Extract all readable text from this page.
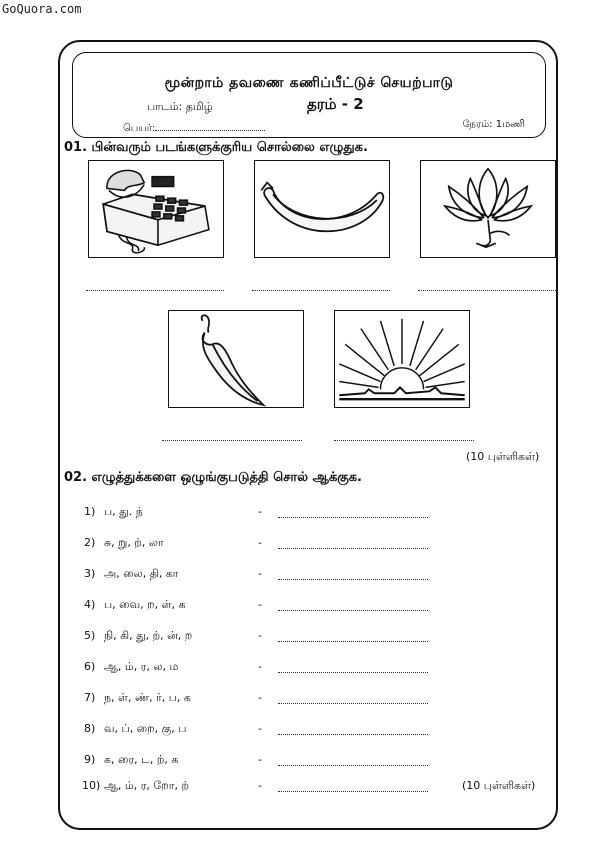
GoQuora.com
மூன்றாம் தவணை கணிப்பீட்டுச் செயற்பாடு
பாடம்: தமிழ்	தரம் - 2
பெயர்:	நேரம்: 1மணி
01. பின்வரும் படங்களுக்குரிய சொல்லை எழுதுக.
(10 புள்ளிகள்)
02. எழுத்துக்களை ஒழுங்குபடுத்தி சொல் ஆக்குக.
1) ப, து. ந்	-
2) சு, று, ற், லா	-
3) அ, லை, தி, கா	-
4) ப, வை, ற, ள், க	-
5) நி, கி, து, ற், ன், ற	-
6) ஆ, ம், ர, ல, ம	-
7) ந, ள், ண், ர், ப, க	-
8) வ, ப், றை, கு, ப	-
9) க, ரை, ட, ற், க	-
10) ஆ, ம், ர, றோ, ற்	-	(10 புள்ளிகள்)
